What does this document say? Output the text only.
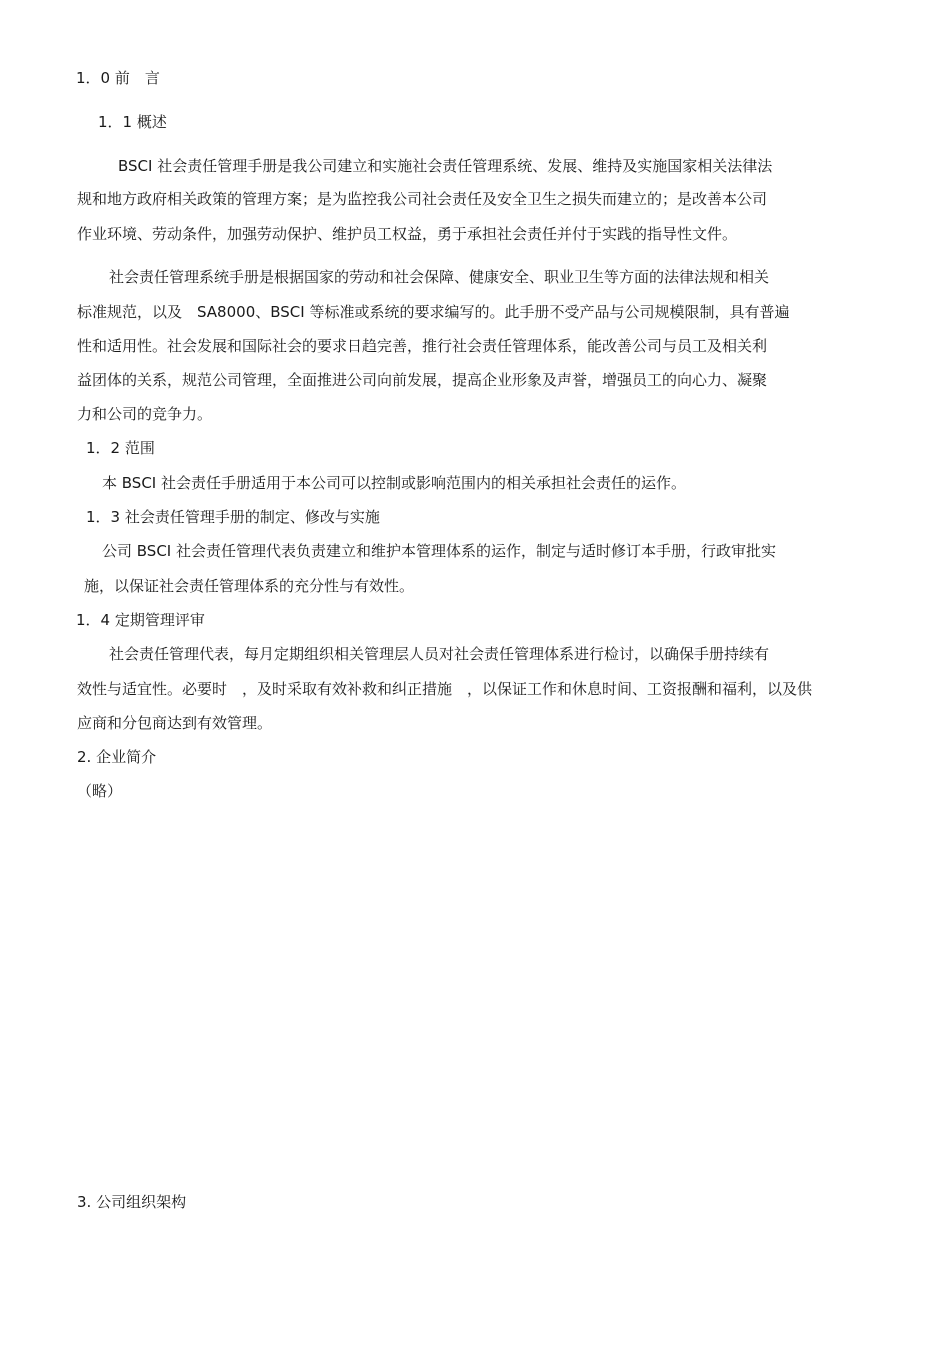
1．0 前　言
1．1 概述
BSCI 社会责任管理手册是我公司建立和实施社会责任管理系统、发展、维持及实施国家相关法律法
规和地方政府相关政策的管理方案；是为监控我公司社会责任及安全卫生之损失而建立的；是改善本公司
作业环境、劳动条件，加强劳动保护、维护员工权益，勇于承担社会责任并付于实践的指导性文件。
社会责任管理系统手册是根据国家的劳动和社会保障、健康安全、职业卫生等方面的法律法规和相关
标准规范，以及　SA8000、BSCI 等标准或系统的要求编写的。此手册不受产品与公司规模限制，具有普遍
性和适用性。社会发展和国际社会的要求日趋完善，推行社会责任管理体系，能改善公司与员工及相关利
益团体的关系，规范公司管理，全面推进公司向前发展，提高企业形象及声誉，增强员工的向心力、凝聚
力和公司的竞争力。
1．2 范围
本 BSCI 社会责任手册适用于本公司可以控制或影响范围内的相关承担社会责任的运作。
1．3 社会责任管理手册的制定、修改与实施
公司 BSCI 社会责任管理代表负责建立和维护本管理体系的运作，制定与适时修订本手册，行政审批实
施，以保证社会责任管理体系的充分性与有效性。
1．4 定期管理评审
社会责任管理代表，每月定期组织相关管理层人员对社会责任管理体系进行检讨，以确保手册持续有
效性与适宜性。必要时　，及时采取有效补救和纠正措施　，以保证工作和休息时间、工资报酬和福利，以及供
应商和分包商达到有效管理。
2. 企业简介
（略）
3. 公司组织架构
